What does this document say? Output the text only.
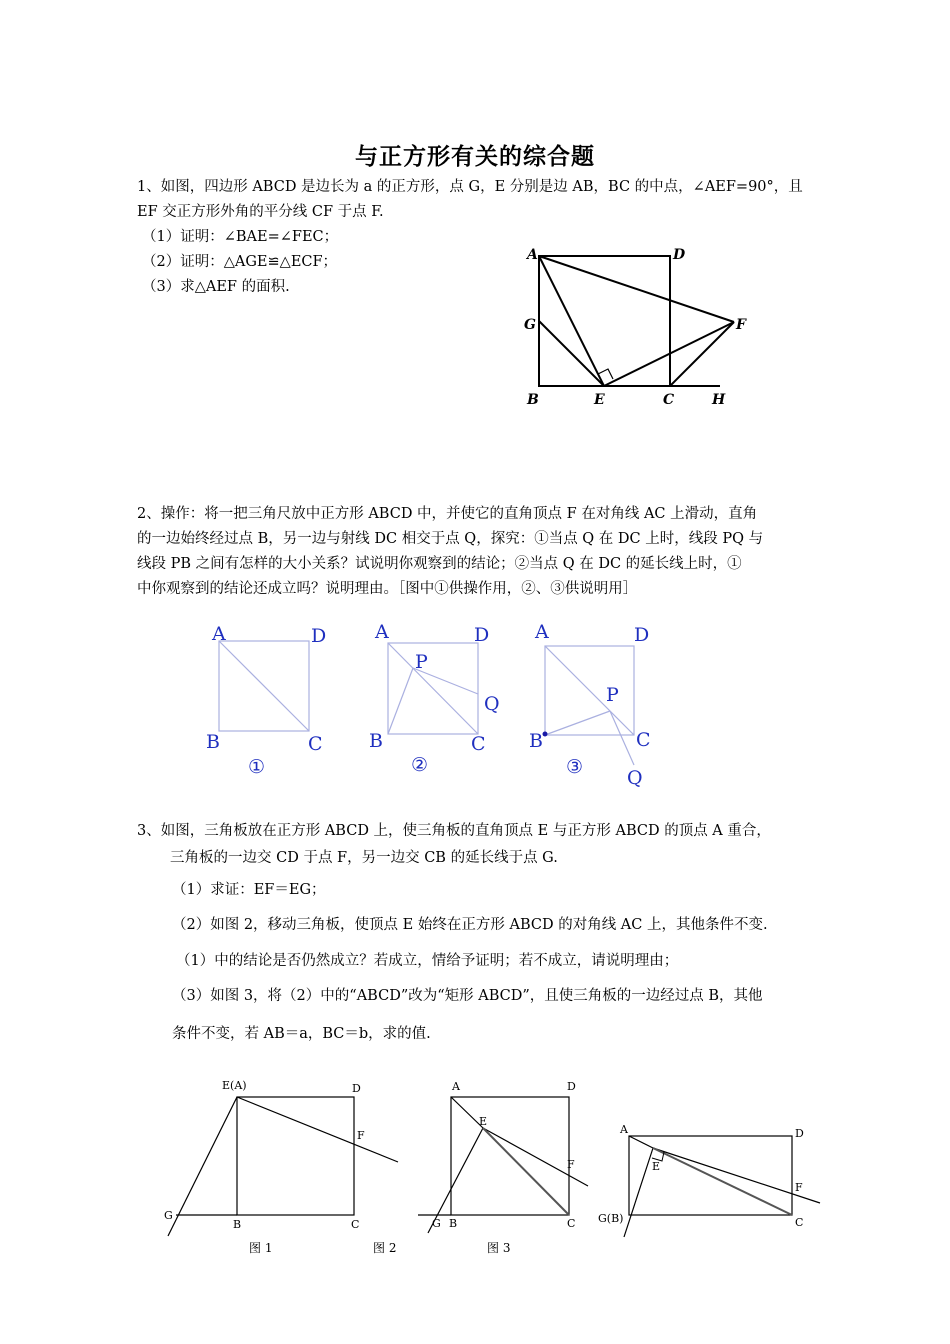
与正方形有关的综合题
1、如图，四边形 ABCD 是边长为 a 的正方形，点 G，E 分别是边 AB，BC 的中点，∠AEF=90°，且
EF 交正方形外角的平分线 CF 于点 F.
（1）证明：∠BAE=∠FEC；
（2）证明：△AGE≌△ECF；
（3）求△AEF 的面积.
A	D
G	F
B	E	C	H
2、操作：将一把三角尺放中正方形 ABCD 中，并使它的直角顶点 F 在对角线 AC 上滑动，直角
的一边始终经过点 B，另一边与射线 DC 相交于点 Q，探究：①当点 Q 在 DC 上时，线段 PQ 与
线段 PB 之间有怎样的大小关系？试说明你观察到的结论；②当点 Q 在 DC 的延长线上时，①
中你观察到的结论还成立吗？说明理由。［图中①供操作用，②、③供说明用］
A	D
B	C
①
A	D
P
Q
B	C
②
A	D
P
B	C
Q
③
3、如图，三角板放在正方形 ABCD 上，使三角板的直角顶点 E 与正方形 ABCD 的顶点 A 重合，
三角板的一边交 CD 于点 F，另一边交 CB 的延长线于点 G.
（1）求证：EF＝EG；
（2）如图 2，移动三角板，使顶点 E 始终在正方形 ABCD 的对角线 AC 上，其他条件不变.
（1）中的结论是否仍然成立？若成立，情给予证明；若不成立，请说明理由；
（3）如图 3，将（2）中的“ABCD”改为“矩形 ABCD”，且使三角板的一边经过点 B，其他
条件不变，若 AB＝a，BC＝b，求的值.
E(A)	D
F
G
B	C
A	D
E
F
G B	C
A	D
E
F
G(B)	C
图 1	图 2	图 3
